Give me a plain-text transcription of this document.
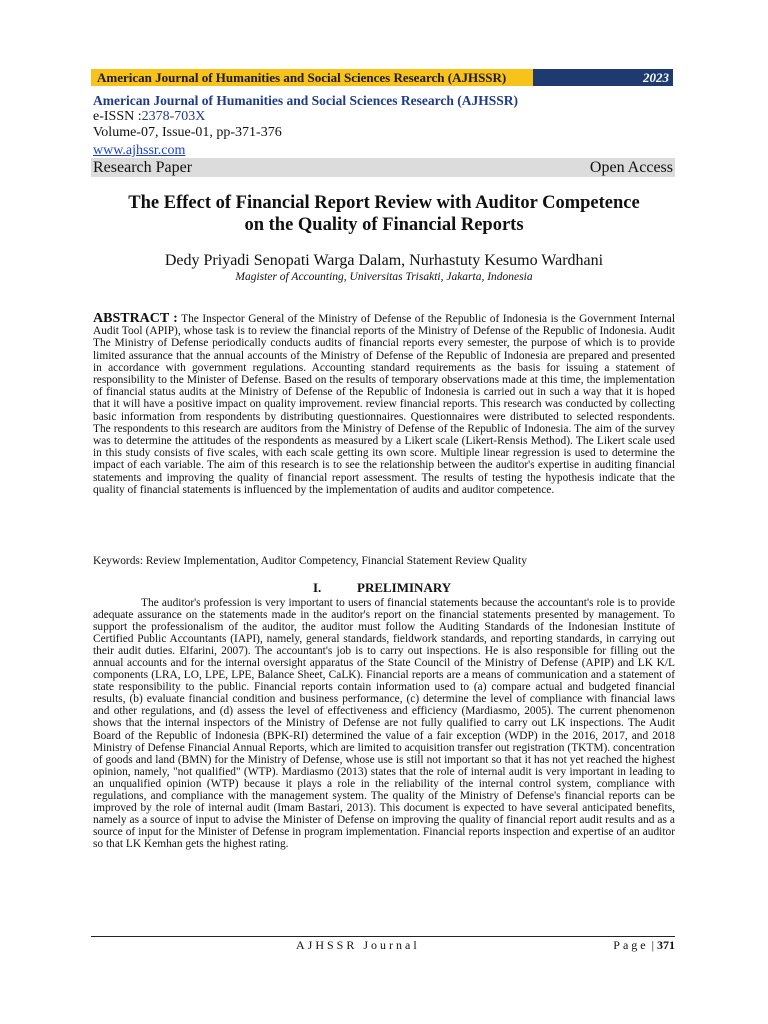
American Journal of Humanities and Social Sciences Research (AJHSSR)	2023
American Journal of Humanities and Social Sciences Research (AJHSSR)
e-ISSN :2378-703X
Volume-07, Issue-01, pp-371-376
www.ajhssr.com
Research Paper	Open Access
The Effect of Financial Report Review with Auditor Competence
on the Quality of Financial Reports
Dedy Priyadi Senopati Warga Dalam, Nurhastuty Kesumo Wardhani
Magister of Accounting, Universitas Trisakti, Jakarta, Indonesia
ABSTRACT : The Inspector General of the Ministry of Defense of the Republic of Indonesia is the Government Internal Audit Tool (APIP), whose task is to review the financial reports of the Ministry of Defense of the Republic of Indonesia. Audit The Ministry of Defense periodically conducts audits of financial reports every semester, the purpose of which is to provide limited assurance that the annual accounts of the Ministry of Defense of the Republic of Indonesia are prepared and presented in accordance with government regulations. Accounting standard requirements as the basis for issuing a statement of responsibility to the Minister of Defense. Based on the results of temporary observations made at this time, the implementation of financial status audits at the Ministry of Defense of the Republic of Indonesia is carried out in such a way that it is hoped that it will have a positive impact on quality improvement. review financial reports. This research was conducted by collecting basic information from respondents by distributing questionnaires. Questionnaires were distributed to selected respondents. The respondents to this research are auditors from the Ministry of Defense of the Republic of Indonesia. The aim of the survey was to determine the attitudes of the respondents as measured by a Likert scale (Likert-Rensis Method). The Likert scale used in this study consists of five scales, with each scale getting its own score. Multiple linear regression is used to determine the impact of each variable. The aim of this research is to see the relationship between the auditor's expertise in auditing financial statements and improving the quality of financial report assessment. The results of testing the hypothesis indicate that the quality of financial statements is influenced by the implementation of audits and auditor competence.
Keywords: Review Implementation, Auditor Competency, Financial Statement Review Quality
I.	PRELIMINARY
The auditor's profession is very important to users of financial statements because the accountant's role is to provide adequate assurance on the statements made in the auditor's report on the financial statements presented by management. To support the professionalism of the auditor, the auditor must follow the Auditing Standards of the Indonesian Institute of Certified Public Accountants (IAPI), namely, general standards, fieldwork standards, and reporting standards, in carrying out their audit duties. Elfarini, 2007). The accountant's job is to carry out inspections. He is also responsible for filling out the annual accounts and for the internal oversight apparatus of the State Council of the Ministry of Defense (APIP) and LK K/L components (LRA, LO, LPE, LPE, Balance Sheet, CaLK). Financial reports are a means of communication and a statement of state responsibility to the public. Financial reports contain information used to (a) compare actual and budgeted financial results, (b) evaluate financial condition and business performance, (c) determine the level of compliance with financial laws and other regulations, and (d) assess the level of effectiveness and efficiency (Mardiasmo, 2005). The current phenomenon shows that the internal inspectors of the Ministry of Defense are not fully qualified to carry out LK inspections. The Audit Board of the Republic of Indonesia (BPK-RI) determined the value of a fair exception (WDP) in the 2016, 2017, and 2018 Ministry of Defense Financial Annual Reports, which are limited to acquisition transfer out registration (TKTM). concentration of goods and land (BMN) for the Ministry of Defense, whose use is still not important so that it has not yet reached the highest opinion, namely, "not qualified" (WTP). Mardiasmo (2013) states that the role of internal audit is very important in leading to an unqualified opinion (WTP) because it plays a role in the reliability of the internal control system, compliance with regulations, and compliance with the management system. The quality of the Ministry of Defense's financial reports can be improved by the role of internal audit (Imam Bastari, 2013). This document is expected to have several anticipated benefits, namely as a source of input to advise the Minister of Defense on improving the quality of financial report audit results and as a source of input for the Minister of Defense in program implementation. Financial reports inspection and expertise of an auditor so that LK Kemhan gets the highest rating.
AJHSSR Journal	Page | 371
